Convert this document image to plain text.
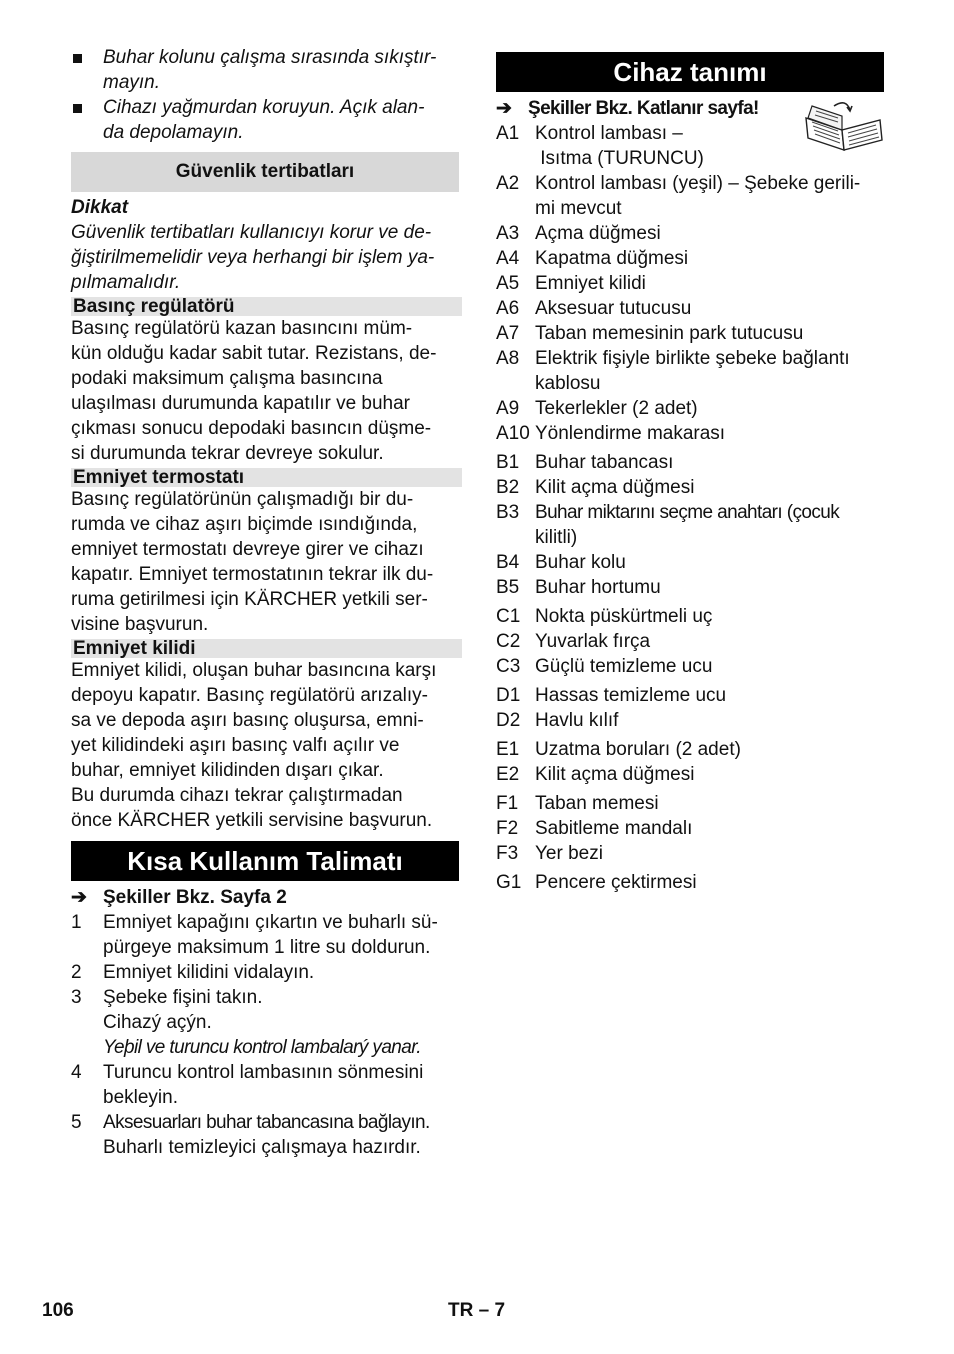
Buhar kolunu çalışma sırasında sıkıştır-

mayın.

Cihazı yağmurdan koruyun. Açık alan-

da depolamayın.

Güvenlik tertibatları

Dikkat

Güvenlik tertibatları kullanıcıyı korur ve de-

ğiştirilmemelidir veya herhangi bir işlem ya-

pılmamalıdır.

Basınç regülatörü

Basınç regülatörü kazan basıncını müm-

kün olduğu kadar sabit tutar. Rezistans, de-

podaki maksimum çalışma basıncına

ulaşılması durumunda kapatılır ve buhar

çıkması sonucu depodaki basıncın düşme-

si durumunda tekrar devreye sokulur.

Emniyet termostatı

Basınç regülatörünün çalışmadığı bir du-

rumda ve cihaz aşırı biçimde ısındığında,

emniyet termostatı devreye girer ve cihazı

kapatır. Emniyet termostatının tekrar ilk du-

ruma getirilmesi için KÄRCHER yetkili ser-

visine başvurun.

Emniyet kilidi

Emniyet kilidi, oluşan buhar basıncına karşı

depoyu kapatır. Basınç regülatörü arızalıy-

sa ve depoda aşırı basınç oluşursa, emni-

yet kilidindeki aşırı basınç valfı açılır ve

buhar, emniyet kilidinden dışarı çıkar.

Bu durumda cihazı tekrar çalıştırmadan

önce KÄRCHER yetkili servisine başvurun.

Kısa Kullanım Talimatı
➔ Şekiller Bkz. Sayfa 2
1	Emniyet kapağını çıkartın ve buharlı sü-

pürgeye maksimum 1 litre su doldurun.

2	Emniyet kilidini vidalayın.

3	Şebeke fişini takın.

Cihazý açýn.

Yeþil ve turuncu kontrol lambalarý yanar.

4	Turuncu kontrol lambasının sönmesini

bekleyin.

5	Aksesuarları buhar tabancasına bağlayın.

Buharlı temizleyici çalışmaya hazırdır.

Cihaz tanımı
➔ Şekiller Bkz. Katlanır sayfa!
A1 Kontrol lambası –

Isıtma (TURUNCU)

A2 Kontrol lambası (yeşil) – Şebeke gerili-

mi mevcut

A3 Açma düğmesi

A4 Kapatma düğmesi

A5 Emniyet kilidi

A6 Aksesuar tutucusu

A7 Taban memesinin park tutucusu

A8 Elektrik fişiyle birlikte şebeke bağlantı

kablosu

A9 Tekerlekler (2 adet)

A10 Yönlendirme makarası

B1 Buhar tabancası

B2 Kilit açma düğmesi

B3 Buhar miktarını seçme anahtarı (çocuk

kilitli)

B4 Buhar kolu

B5 Buhar hortumu

C1 Nokta püskürtmeli uç

C2 Yuvarlak fırça

C3 Güçlü temizleme ucu

D1 Hassas temizleme ucu

D2 Havlu kılıf

E1 Uzatma boruları (2 adet)

E2 Kilit açma düğmesi

F1 Taban memesi

F2 Sabitleme mandalı

F3 Yer bezi

G1 Pencere çektirmesi

106	TR – 7
